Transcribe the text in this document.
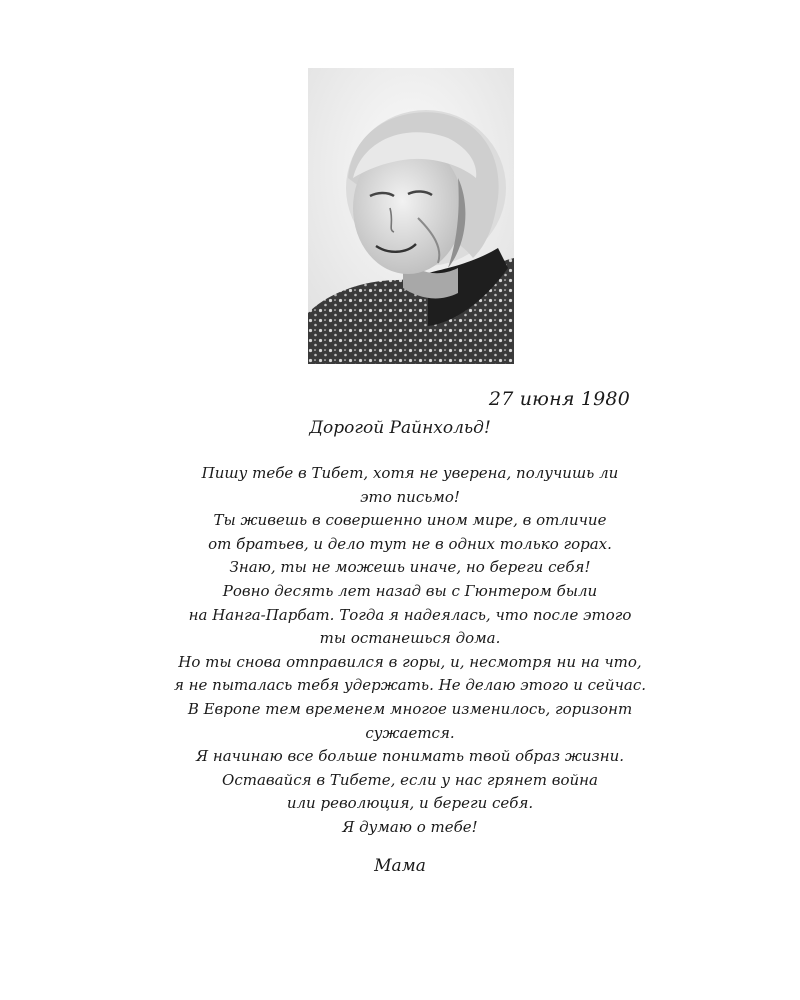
27 июня 1980
Дорогой Райнхольд!
Пишу тебе в Тибет, хотя не уверена, получишь ли
это письмо!
Ты живешь в совершенно ином мире, в отличие
от братьев, и дело тут не в одних только горах.
Знаю, ты не можешь иначе, но береги себя!
Ровно десять лет назад вы с Гюнтером были
на Нанга-Парбат. Тогда я надеялась, что после этого
ты останешься дома.
Но ты снова отправился в горы, и, несмотря ни на что,
я не пыталась тебя удержать. Не делаю этого и сейчас.
В Европе тем временем многое изменилось, горизонт
сужается.
Я начинаю все больше понимать твой образ жизни.
Оставайся в Тибете, если у нас грянет война
или революция, и береги себя.
Я думаю о тебе!
Мама
